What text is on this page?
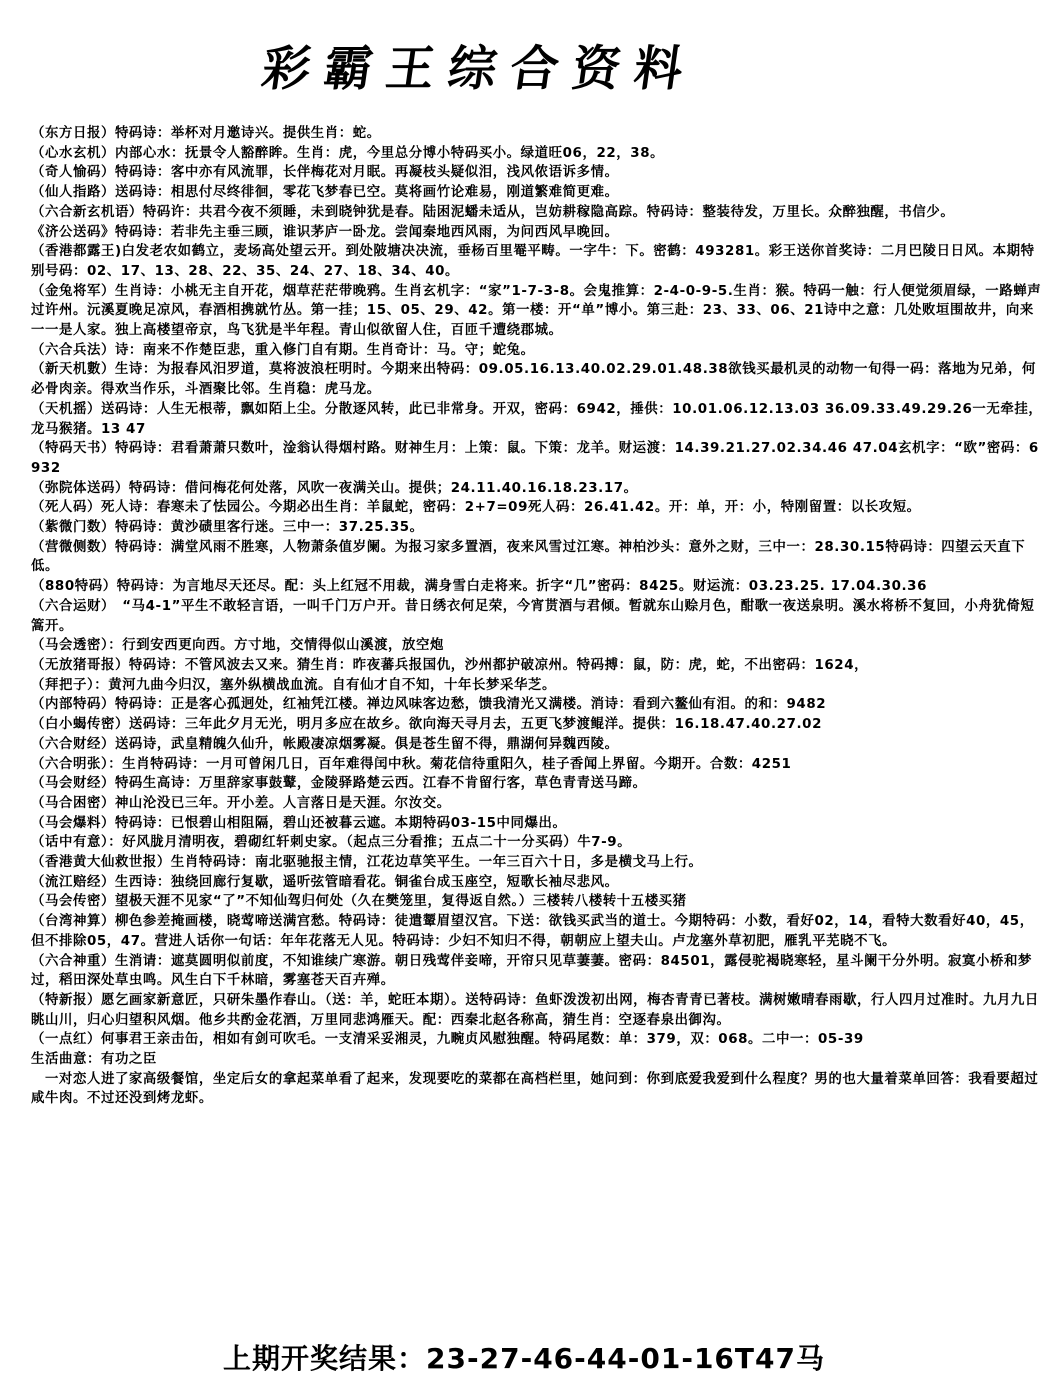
彩霸王综合资料

（东方日报）特码诗：举杯对月邀诗兴。提供生肖：蛇。

（心水玄机）内部心水：抚景令人豁醉眸。生肖：虎，今里总分博小特码买小。绿道旺06，22，38。

（奇人愉码）特码诗：客中亦有风流罪，长伴梅花对月眠。再凝枝头疑似泪，浅风侬语诉多情。

（仙人指路）送码诗：相思付尽终徘徊，零花飞梦春已空。莫将画竹论难易，刚道繁难简更难。

（六合新玄机语）特码许：共君今夜不须睡，未到晓钟犹是春。陆困泥蟠未适从，岂妨耕稼隐高踪。特码诗：整装待发，万里长。众醉独醒，书信少。

《济公送码》特码诗：若非先主垂三顾，谁识茅庐一卧龙。尝闻秦地西风雨，为问西风早晚回。

（香港都露王)白发老农如鹤立，麦场高处望云开。到处陂塘决决流，垂杨百里罨平畴。一字牛：下。密鹤：493281。彩王送你首奖诗：二月巴陵日日风。本期特别号码：02、17、13、28、22、35、24、27、18、34、40。

（金兔将军）生肖诗：小桃无主自开花，烟草茫茫带晚鸦。生肖玄机字：“家”1-7-3-8。会鬼推算：2-4-0-9-5.生肖：猴。特码一触：行人便觉须眉绿，一路蝉声过许州。沅溪夏晚足凉风，春酒相携就竹丛。第一挂；15、05、29、42。第一楼：开“单”博小。第三赴：23、33、06、21诗中之意：几处败垣围故井，向来一一是人家。独上高楼望帝京，鸟飞犹是半年程。青山似欲留人住，百匝千遭绕郡城。

（六合兵法）诗：南来不作楚臣悲，重入修门自有期。生肖奇计：马。守；蛇兔。

（新天机數）生诗：为报春风汨罗道，莫将波浪枉明时。今期来出特码：09.05.16.13.40.02.29.01.48.38欲钱买最机灵的动物一旬得一码：落地为兄弟，何必骨肉亲。得欢当作乐，斗酒聚比邻。生肖稳：虎马龙。

（天机摇）送码诗：人生无根蒂，飘如陌上尘。分散逐风转，此已非常身。开双，密码：6942，捶供：10.01.06.12.13.03 36.09.33.49.29.26一无牵挂，龙马猴猪。13 47

（特码天书）特码诗：君看萧萧只数叶，淦翁认得烟村路。财神生月：上策：鼠。下策：龙羊。财运渡：14.39.21.27.02.34.46 47.04玄机字：“欧”密码：6932

（弥院体送码）特码诗：借问梅花何处落，风吹一夜满关山。提供；24.11.40.16.18.23.17。

（死人码）死人诗：春寒未了怯园公。今期必出生肖：羊鼠蛇，密码：2+7=09死人码：26.41.42。开：单，开：小，特刚留置：以长攻短。

（紫微门数）特码诗：黄沙碛里客行迷。三中一：37.25.35。

（营微侧数）特码诗：满堂风雨不胜寒，人物萧条值岁阑。为报习家多置酒，夜来风雪过江寒。神柏沙头：意外之财，三中一：28.30.15特码诗：四望云天直下低。

（880特码）特码诗：为言地尽天还尽。配：头上红冠不用裁，满身雪白走将来。折字“几”密码：8425。财运流：03.23.25. 17.04.30.36

（六合运财）　“马4-1”平生不敢轻言语，一叫千门万户开。昔日绣衣何足荣，今宵贳酒与君倾。暂就东山赊月色，酣歌一夜送泉明。溪水将桥不复回，小舟犹倚短篙开。

（马会透密）：行到安西更向西。方寸地，交情得似山溪渡，放空炮

（无放猪哥报）特码诗：不管风波去又来。猜生肖：昨夜蕃兵报国仇，沙州都护破凉州。特码搏：鼠，防：虎，蛇，不出密码：1624，

（拜把子）：黄河九曲今归汉，塞外纵横战血流。自有仙才自不知，十年长梦采华芝。

（内部特码）特码诗：正是客心孤迥处，红袖凭江楼。禅边风味客边愁，馈我清光又满楼。消诗：看到六鳌仙有泪。的和：9482

（白小蝎传密）送码诗：三年此夕月无光，明月多应在故乡。欲向海天寻月去，五更飞梦渡鲲洋。提供：16.18.47.40.27.02

（六合财经）送码诗，武皇精魄久仙升，帐殿凄凉烟雾凝。俱是苍生留不得，鼎湖何异魏西陵。

（六合明张）：生肖特码诗：一月可曾闲几日，百年难得闰中秋。菊花信待重阳久，桂子香闻上界留。今期开。合数：4251

（马会财经）特码生高诗：万里辞家事鼓鼙，金陵驿路楚云西。江春不肯留行客，草色青青送马蹄。

（马合困密）神山沦没已三年。开小差。人言落日是天涯。尔汝交。

（马会爆料）特码诗：已恨碧山相阻隔，碧山还被暮云遮。本期特码03-15中同爆出。

（话中有意）：好风胧月清明夜，碧砌红轩刺史家。（起点三分看推；五点二十一分买码）牛7-9。

（香港黄大仙救世报）生肖特码诗：南北驱驰报主情，江花边草笑平生。一年三百六十日，多是横戈马上行。

（流江赔经）生西诗：独绕回廊行复歇，遥听弦管暗看花。铜雀台成玉座空，短歌长袖尽悲风。

（马会传密）望极天涯不见家“了”不知仙驾归何处（久在樊笼里，复得返自然。）三楼转八楼转十五楼买猪

（台湾神算）柳色参差掩画楼，晓莺啼送满宫愁。特码诗：徒遣颦眉望汉宫。下送：欲钱买武当的道士。今期特码：小数，看好02，14，看特大数看好40，45，但不排除05，47。营进人话你一句话：年年花落无人见。特码诗：少妇不知归不得，朝朝应上望夫山。卢龙塞外草初肥，雁乳平芜晓不飞。

（六合神重）生消请：遮莫圆明似前度，不知谁续广寒游。朝日残莺伴妾啼，开帘只见草萋萋。密码：84501，露侵驼褐晓寒轻，星斗阑干分外明。寂寞小桥和梦过，稻田深处草虫鸣。风生白下千林暗，雾塞苍天百卉殚。

（特新报）愿乞画家新意匠，只研朱墨作春山。（送：羊，蛇旺本期）。送特码诗：鱼虾泼泼初出网，梅杏青青已著枝。满树嫩晴春雨歇，行人四月过准时。九月九日眺山川，归心归望积风烟。他乡共酌金花酒，万里同悲鸿雁天。配：西秦北赵各称高，猜生肖：空逐春泉出御沟。

（一点红）何事君王亲击缶，相如有剑可吹毛。一支清采妥湘灵，九畹贞风慰独醒。特码尾数：单：379，双：068。二中一：05-39

生活曲意：有功之臣

　一对恋人进了家高级餐馆，坐定后女的拿起菜单看了起来，发现要吃的菜都在高档栏里，她问到：你到底爱我爱到什么程度？男的也大量着菜单回答：我看要超过咸牛肉。不过还没到烤龙虾。

上期开奖结果：23-27-46-44-01-16T47马
